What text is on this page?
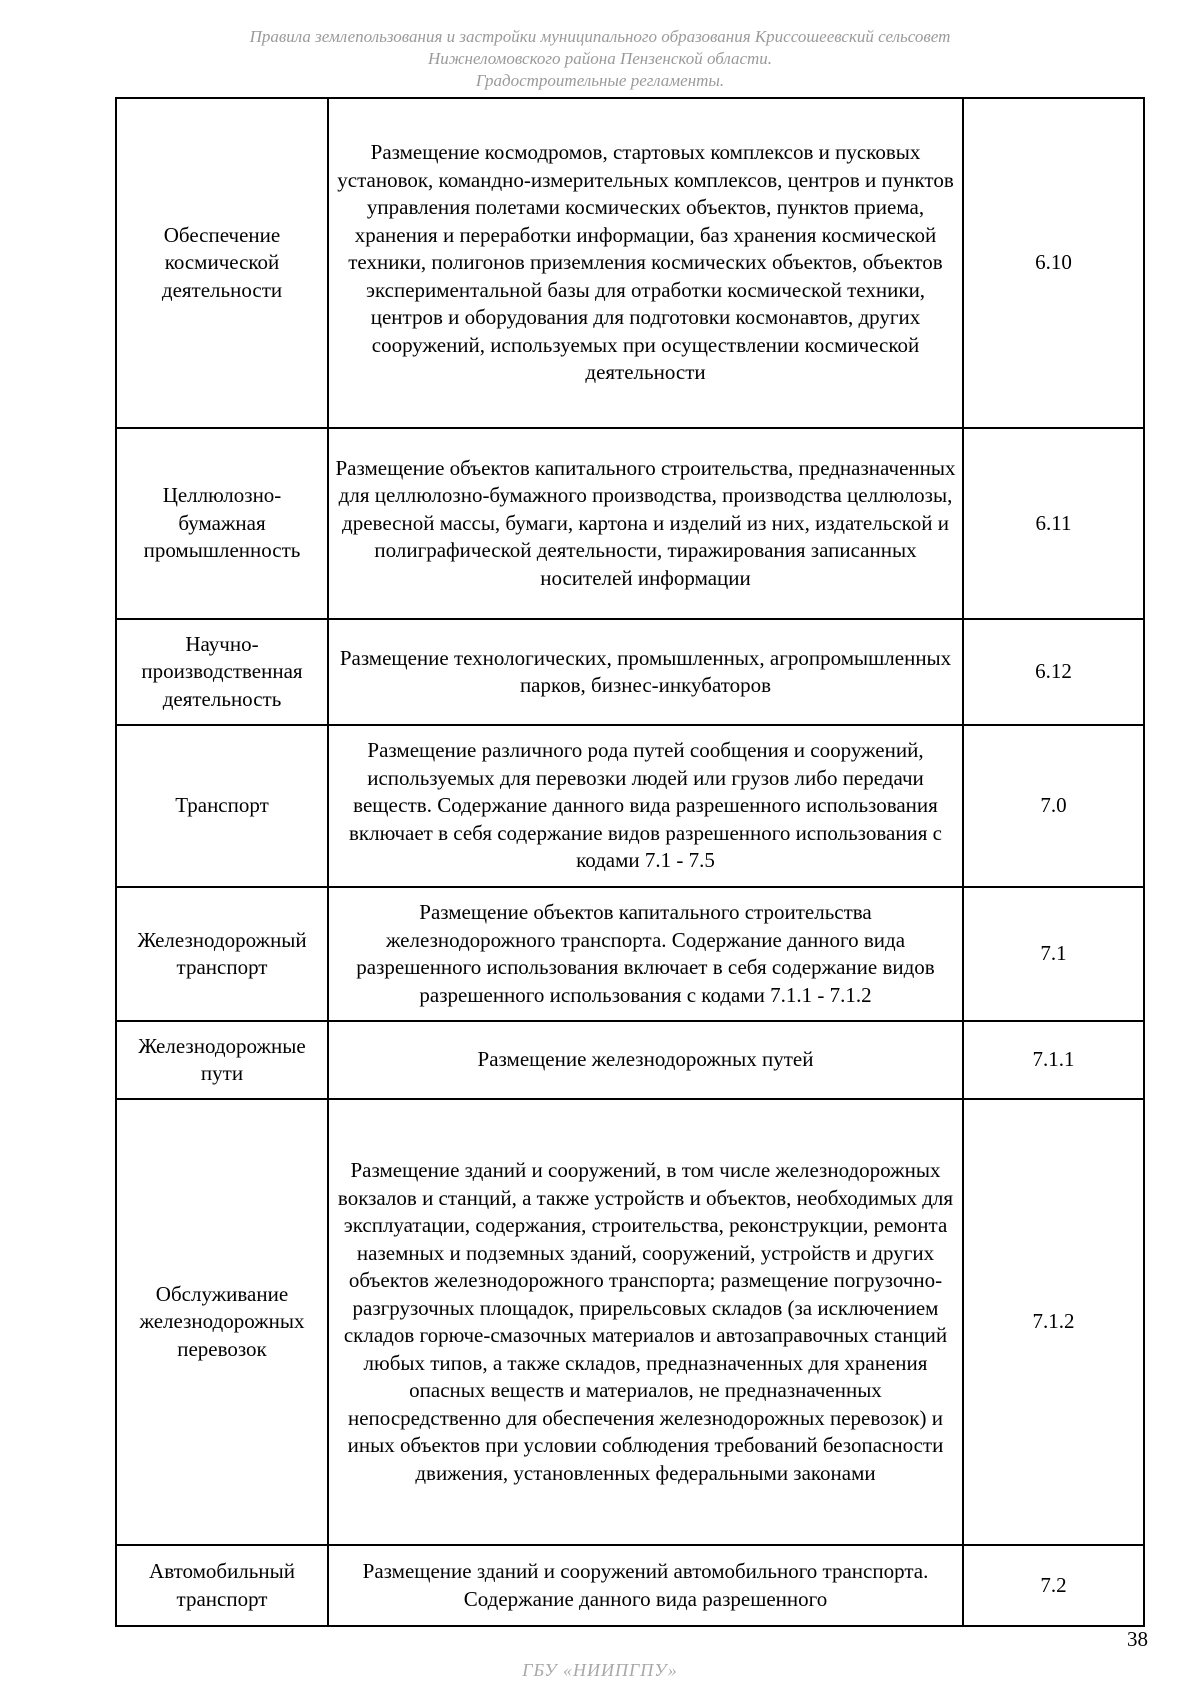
Правила землепользования и застройки муниципального образования Криссошеевский сельсовет
Нижнеломовского района Пензенской области.
Градостроительные регламенты.
Обеспечение космической деятельности	Размещение космодромов, стартовых комплексов и пусковых установок, командно-измерительных комплексов, центров и пунктов управления полетами космических объектов, пунктов приема, хранения и переработки информации, баз хранения космической техники, полигонов приземления космических объектов, объектов экспериментальной базы для отработки космической техники, центров и оборудования для подготовки космонавтов, других сооружений, используемых при осуществлении космической деятельности	6.10
Целлюлозно-бумажная промышленность	Размещение объектов капитального строительства, предназначенных для целлюлозно-бумажного производства, производства целлюлозы, древесной массы, бумаги, картона и изделий из них, издательской и полиграфической деятельности, тиражирования записанных носителей информации	6.11
Научно-производственная деятельность	Размещение технологических, промышленных, агропромышленных парков, бизнес-инкубаторов	6.12
Транспорт	Размещение различного рода путей сообщения и сооружений, используемых для перевозки людей или грузов либо передачи веществ. Содержание данного вида разрешенного использования включает в себя содержание видов разрешенного использования с кодами 7.1 - 7.5	7.0
Железнодорожный транспорт	Размещение объектов капитального строительства железнодорожного транспорта. Содержание данного вида разрешенного использования включает в себя содержание видов разрешенного использования с кодами 7.1.1 - 7.1.2	7.1
Железнодорожные пути	Размещение железнодорожных путей	7.1.1
Обслуживание железнодорожных перевозок	Размещение зданий и сооружений, в том числе железнодорожных вокзалов и станций, а также устройств и объектов, необходимых для эксплуатации, содержания, строительства, реконструкции, ремонта наземных и подземных зданий, сооружений, устройств и других объектов железнодорожного транспорта; размещение погрузочно-разгрузочных площадок, прирельсовых складов (за исключением складов горюче-смазочных материалов и автозаправочных станций любых типов, а также складов, предназначенных для хранения опасных веществ и материалов, не предназначенных непосредственно для обеспечения железнодорожных перевозок) и иных объектов при условии соблюдения требований безопасности движения, установленных федеральными законами	7.1.2
Автомобильный транспорт	Размещение зданий и сооружений автомобильного транспорта. Содержание данного вида разрешенного	7.2
38
ГБУ «НИИПГПУ»
